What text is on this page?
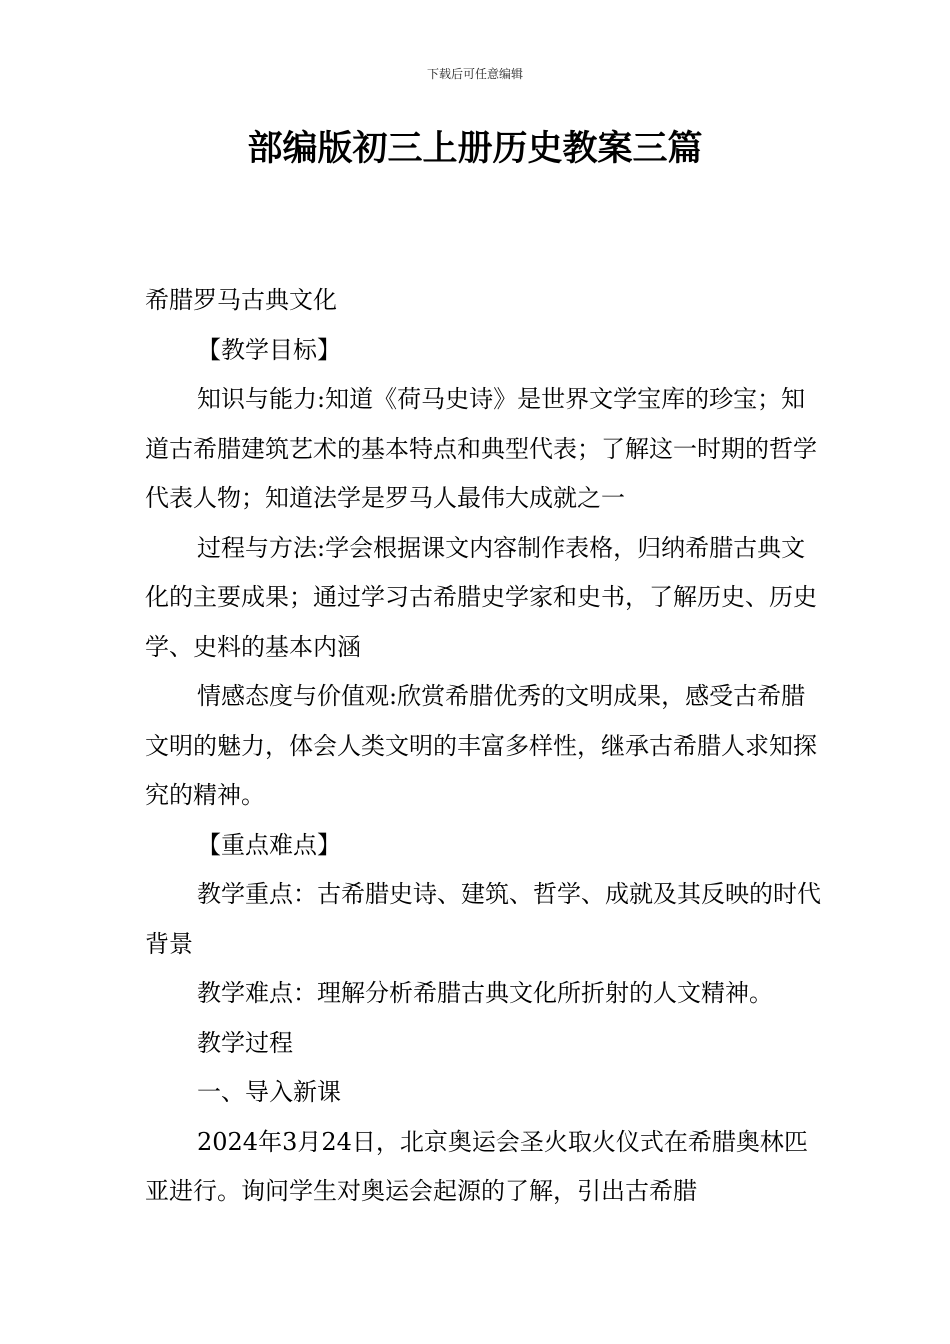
下载后可任意编辑
部编版初三上册历史教案三篇

希腊罗马古典文化

【教学目标】

知识与能力:知道《荷马史诗》是世界文学宝库的珍宝；知道古希腊建筑艺术的基本特点和典型代表；了解这一时期的哲学代表人物；知道法学是罗马人最伟大成就之一

过程与方法:学会根据课文内容制作表格，归纳希腊古典文化的主要成果；通过学习古希腊史学家和史书，了解历史、历史学、史料的基本内涵

情感态度与价值观:欣赏希腊优秀的文明成果，感受古希腊文明的魅力，体会人类文明的丰富多样性，继承古希腊人求知探究的精神。

【重点难点】

教学重点：古希腊史诗、建筑、哲学、成就及其反映的时代背景

教学难点：理解分析希腊古典文化所折射的人文精神。

教学过程

一、导入新课

2024年3月24日，北京奥运会圣火取火仪式在希腊奥林匹亚进行。询问学生对奥运会起源的了解，引出古希腊
